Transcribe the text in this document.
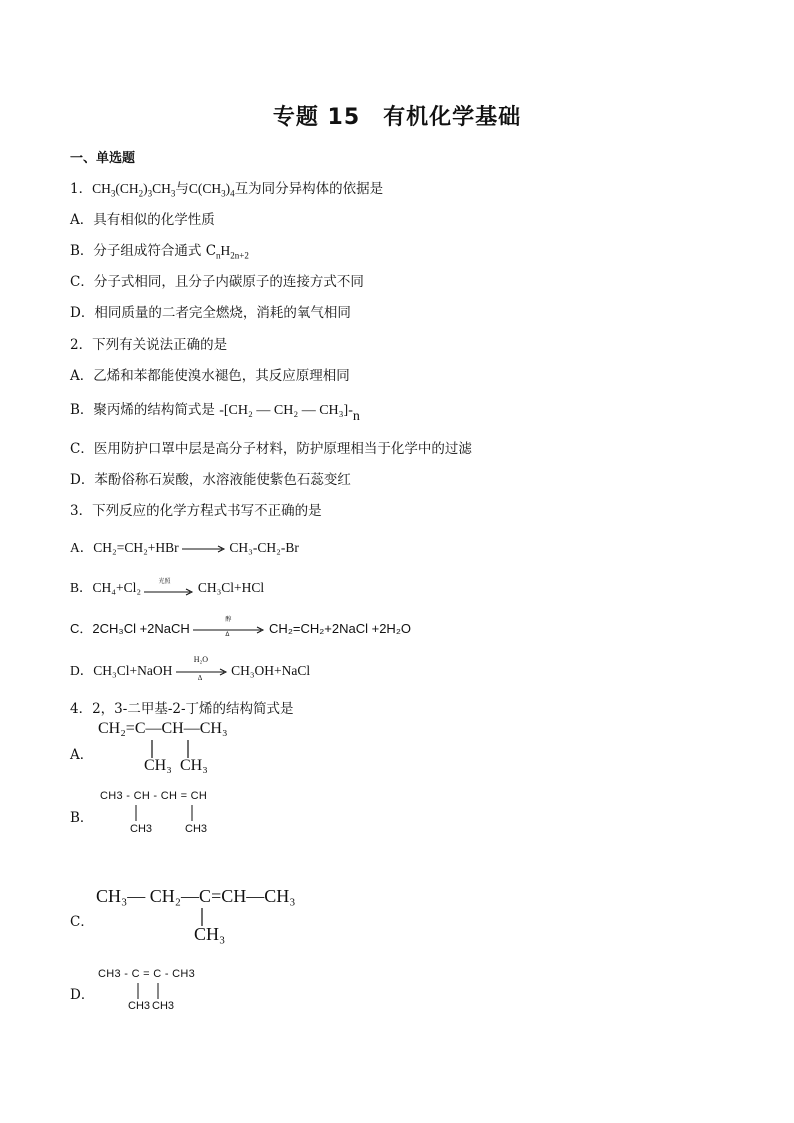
专题 15　有机化学基础
一、单选题
1．$CH_3(CH_2)_3CH_3$与$C(CH_3)_4$互为同分异构体的依据是
A．具有相似的化学性质
B．分子组成符合通式 $C_nH_{2n+2}$
C．分子式相同，且分子内碳原子的连接方式不同
D．相同质量的二者完全燃烧，消耗的氧气相同
2．下列有关说法正确的是
A．乙烯和苯都能使溴水褪色，其反应原理相同
B．聚丙烯的结构简式是 -[CH₂ — CH₂ — CH₃]-n
C．医用防护口罩中层是高分子材料，防护原理相当于化学中的过滤
D．苯酚俗称石炭酸，水溶液能使紫色石蕊变红
3．下列反应的化学方程式书写不正确的是
A．CH₂=CH₂+HBr → CH₃-CH₂-Br
B．CH₄+Cl₂	光照 CH₃Cl+HCl
C．2CH₃Cl +2NaCH
醇
Δ	CH₂=CH₂+2NaCl +2H₂O
D．CH₃Cl+NaOH
H₂O
Δ CH₃OH+NaCl
4．2，3-二甲基-2-丁烯的结构简式是
A．
CH₂=C—CH—CH₃
CH₃ CH₃
B．
CH3 - CH - CH = CH
CH3	CH3
C．
CH₃— CH₂—C=CH—CH₃
CH₃
D．
CH3 - C = C - CH3
CH3 CH3
